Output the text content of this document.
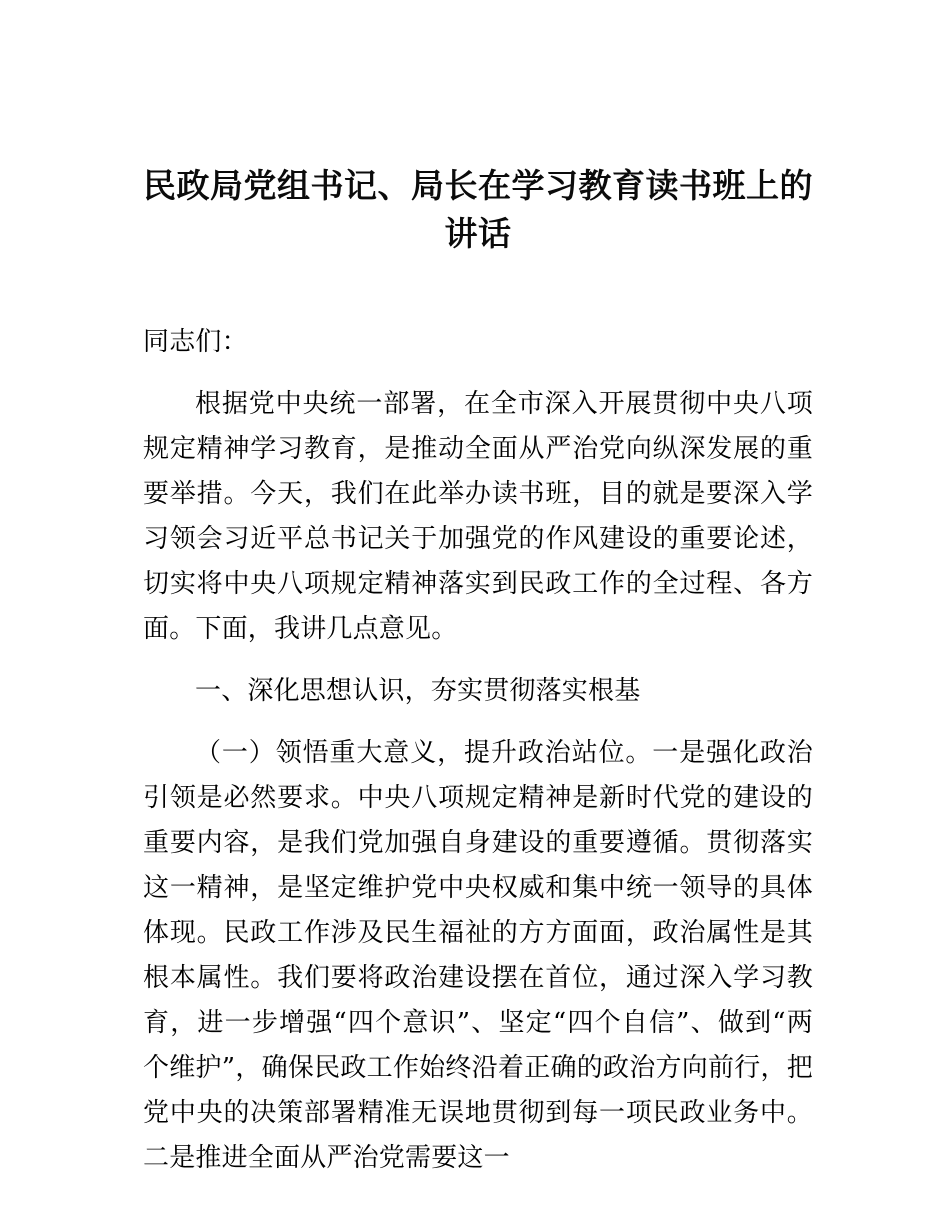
民政局党组书记、局长在学习教育读书班上的讲话

同志们：

根据党中央统一部署，在全市深入开展贯彻中央八项规定精神学习教育，是推动全面从严治党向纵深发展的重要举措。今天，我们在此举办读书班，目的就是要深入学习领会习近平总书记关于加强党的作风建设的重要论述，切实将中央八项规定精神落实到民政工作的全过程、各方面。下面，我讲几点意见。

一、深化思想认识，夯实贯彻落实根基

（一）领悟重大意义，提升政治站位。一是强化政治引领是必然要求。中央八项规定精神是新时代党的建设的重要内容，是我们党加强自身建设的重要遵循。贯彻落实这一精神，是坚定维护党中央权威和集中统一领导的具体体现。民政工作涉及民生福祉的方方面面，政治属性是其根本属性。我们要将政治建设摆在首位，通过深入学习教育，进一步增强“四个意识”、坚定“四个自信”、做到“两个维护”，确保民政工作始终沿着正确的政治方向前行，把党中央的决策部署精准无误地贯彻到每一项民政业务中。二是推进全面从严治党需要这一
